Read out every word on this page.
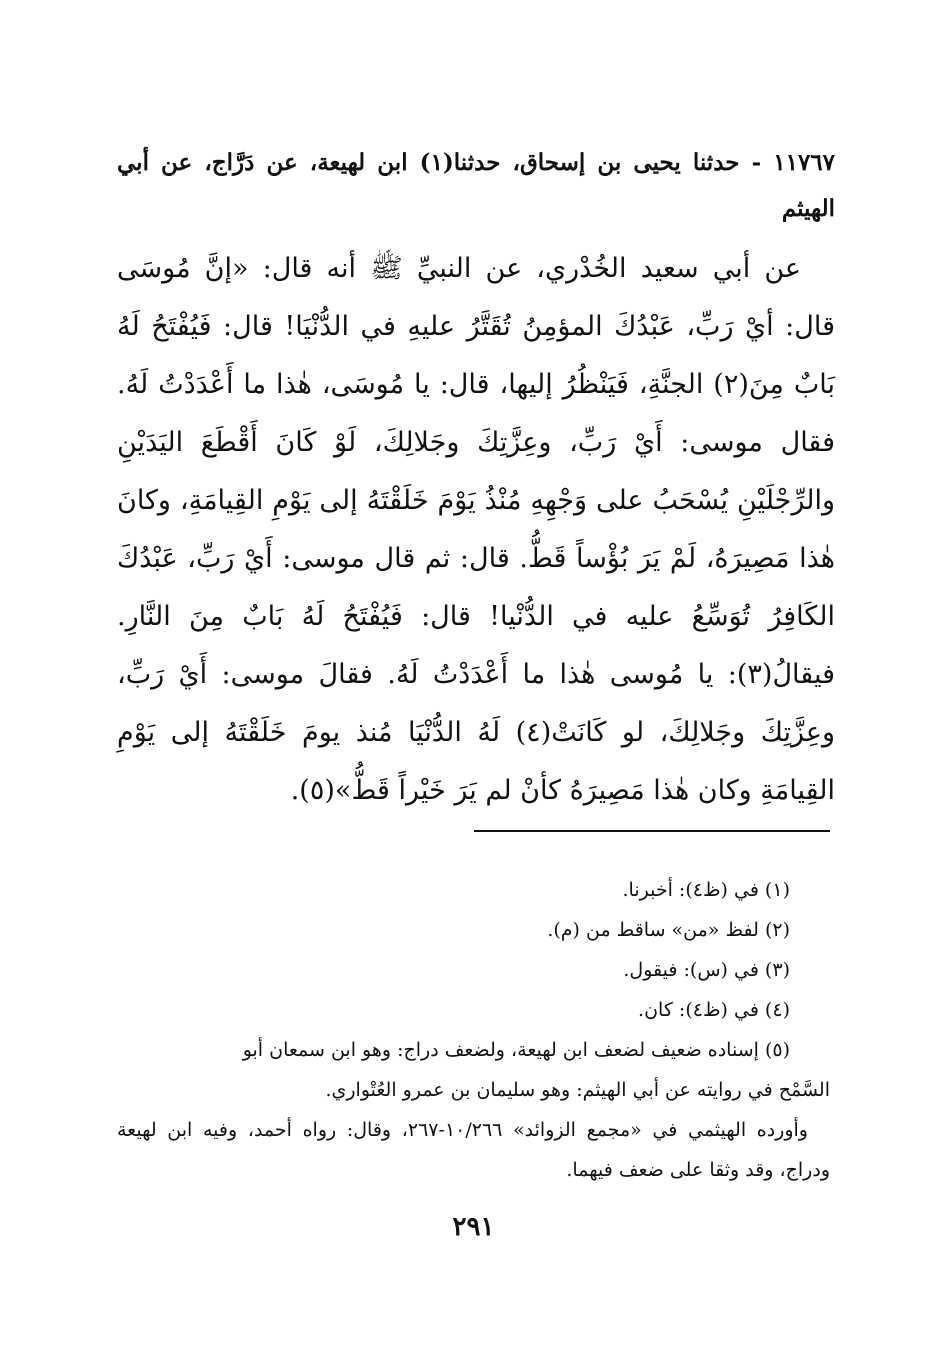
١١٧٦٧ - حدثنا يحيى بن إسحاق، حدثنا(١) ابن لهيعة، عن دَرَّاج، عن أبي الهيثم

عن أبي سعيد الخُدْري، عن النبيِّ ﷺ أنه قال: «إنَّ مُوسَى قال: أيْ رَبِّ، عَبْدُكَ المؤمِنُ تُقَتَّرُ عليهِ في الدُّنْيَا! قال: فَيُفْتَحُ لَهُ بَابٌ مِنَ(٢) الجنَّةِ، فَيَنْظُرُ إليها، قال: يا مُوسَى، هٰذا ما أَعْدَدْتُ لَهُ. فقال موسى: أَيْ رَبِّ، وعِزَّتِكَ وجَلالِكَ، لَوْ كَانَ أَقْطَعَ اليَدَيْنِ والرِّجْلَيْنِ يُسْحَبُ على وَجْهِهِ مُنْذُ يَوْمَ خَلَقْتَهُ إلى يَوْمِ القِيامَةِ، وكانَ هٰذا مَصِيرَهُ، لَمْ يَرَ بُؤْساً قَطُّ. قال: ثم قال موسى: أَيْ رَبِّ، عَبْدُكَ الكَافِرُ تُوَسِّعُ عليه في الدُّنْيا! قال: فَيُفْتَحُ لَهُ بَابٌ مِنَ النَّارِ. فيقالُ(٣): يا مُوسى هٰذا ما أَعْدَدْتُ لَهُ. فقالَ موسى: أَيْ رَبِّ، وعِزَّتِكَ وجَلالِكَ، لو كَانَتْ(٤) لَهُ الدُّنْيَا مُنذ يومَ خَلَقْتَهُ إلى يَوْمِ القِيامَةِ وكان هٰذا مَصِيرَهُ كأنْ لم يَرَ خَيْراً قَطُّ»(٥).

(١) في (ظ٤): أخبرنا.

(٢) لفظ «من» ساقط من (م).

(٣) في (س): فيقول.

(٤) في (ظ٤): كان.

(٥) إسناده ضعيف لضعف ابن لهيعة، ولضعف دراج: وهو ابن سمعان أبو
السَّمْح في روايته عن أبي الهيثم: وهو سليمان بن عمرو العُتْواري.

وأورده الهيثمي في «مجمع الزوائد» ١٠/٢٦٦-٢٦٧، وقال: رواه أحمد، وفيه ابن لهيعة ودراج، وقد وثقا على ضعف فيهما.

٢٩١
